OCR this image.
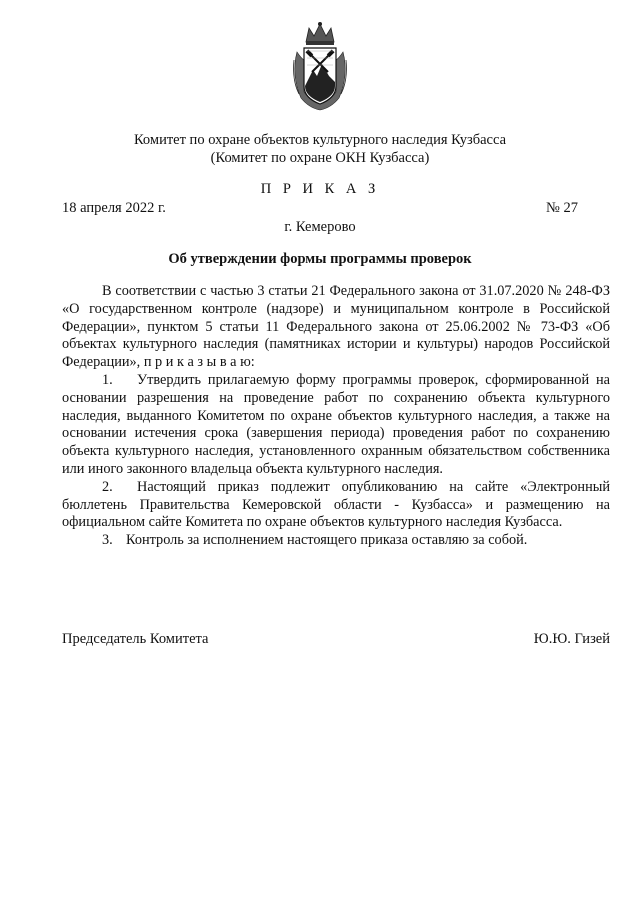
Комитет по охране объектов культурного наследия Кузбасса
(Комитет по охране ОКН Кузбасса)
П Р И К А З
18 апреля 2022 г.	№ 27
г. Кемерово
Об утверждении формы программы проверок

В соответствии с частью 3 статьи 21 Федерального закона от 31.07.2020 № 248-ФЗ «О государственном контроле (надзоре) и муниципальном контроле в Российской Федерации», пунктом 5 статьи 11 Федерального закона от 25.06.2002 № 73-ФЗ «Об объектах культурного наследия (памятниках истории и культуры) народов Российской Федерации», п р и к а з ы в а ю:

1. Утвердить прилагаемую форму программы проверок, сформированной на основании разрешения на проведение работ по сохранению объекта культурного наследия, выданного Комитетом по охране объектов культурного наследия, а также на основании истечения срока (завершения периода) проведения работ по сохранению объекта культурного наследия, установленного охранным обязательством собственника или иного законного владельца объекта культурного наследия.

2. Настоящий приказ подлежит опубликованию на сайте «Электронный бюллетень Правительства Кемеровской области - Кузбасса» и размещению на официальном сайте Комитета по охране объектов культурного наследия Кузбасса.

3. Контроль за исполнением настоящего приказа оставляю за собой.

Председатель Комитета	Ю.Ю. Гизей
